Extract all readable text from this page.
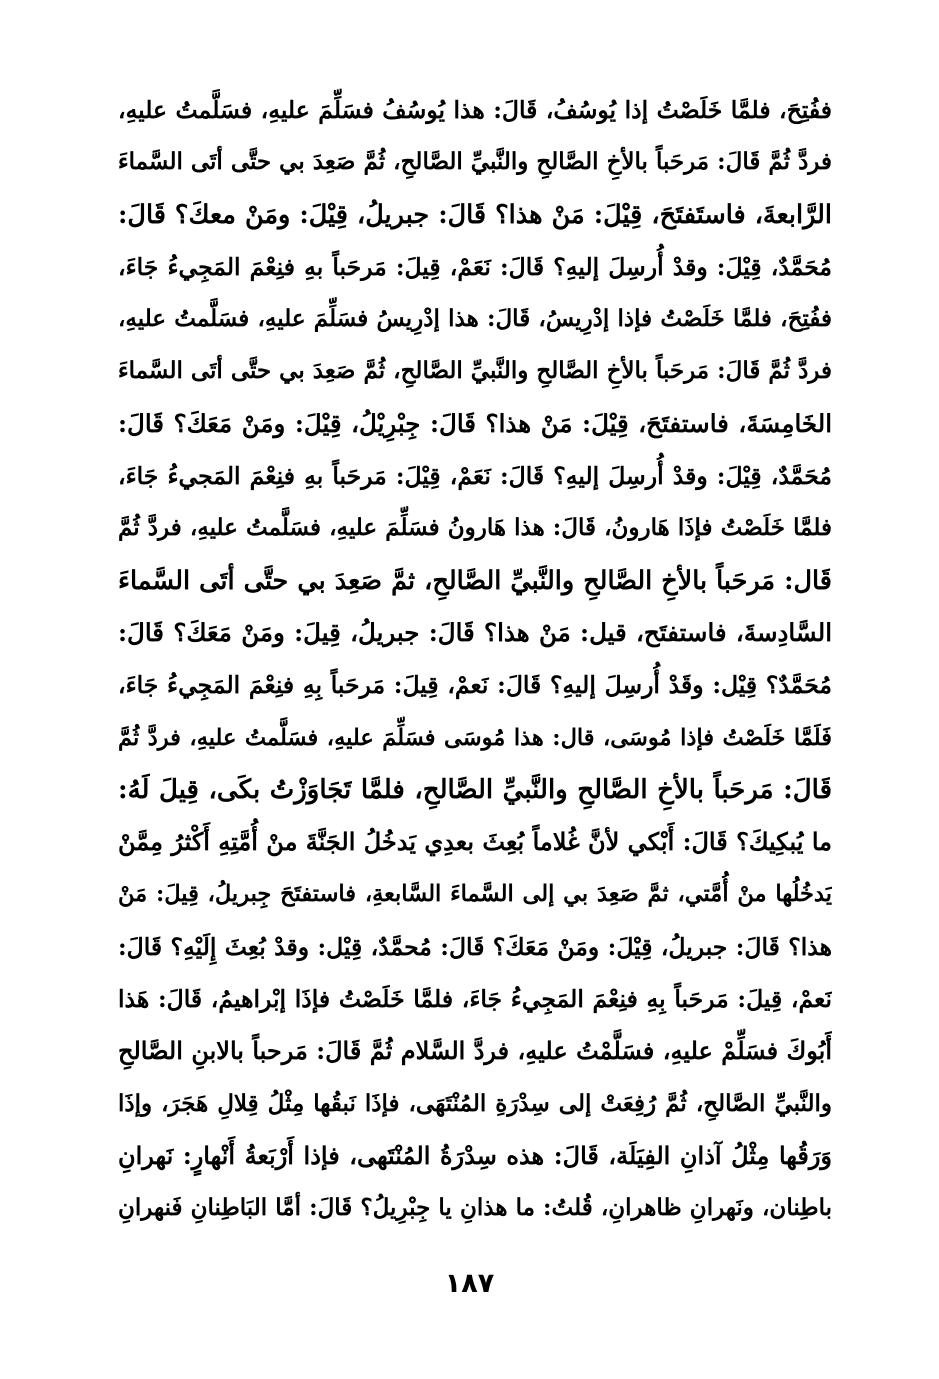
ففُتِحَ، فلمَّا خَلَصْتُ إذا يُوسُفُ، قَالَ: هذا يُوسُفُ فسَلِّمَ عليهِ، فسَلَّمتُ عليهِ،
فردَّ ثُمَّ قَالَ: مَرحَباً بالأخِ الصَّالحِ والنَّبيِّ الصَّالحِ، ثُمَّ صَعِدَ بي حتَّى أتَى السَّماءَ
الرَّابعةَ، فاستَفتَحَ، قِيْلَ: مَنْ هذا؟ قَالَ: جبريلُ، قِيْلَ: ومَنْ معكَ؟ قَالَ:
مُحَمَّدٌ، قِيْلَ: وقدْ أُرسِلَ إليهِ؟ قَالَ: نَعَمْ، قِيلَ: مَرحَباً بهِ فنِعْمَ المَجِيءُ جَاءَ،
ففُتِحَ، فلمَّا خَلَصْتُ فإذا إدْرِيسُ، قَالَ: هذا إدْرِيسُ فسَلِّمَ عليهِ، فسَلَّمتُ عليهِ،
فردَّ ثُمَّ قَالَ: مَرحَباً بالأخِ الصَّالحِ والنَّبيِّ الصَّالحِ، ثُمَّ صَعِدَ بي حتَّى أتَى السَّماءَ
الخَامِسَةَ، فاستفتَحَ، قِيْلَ: مَنْ هذا؟ قَالَ: جِبْرِيْلُ، قِيْلَ: ومَنْ مَعَكَ؟ قَالَ:
مُحَمَّدٌ، قِيْلَ: وقدْ أُرسِلَ إليهِ؟ قَالَ: نَعَمْ، قِيْلَ: مَرحَباً بهِ فنِعْمَ المَجيءُ جَاءَ،
فلمَّا خَلَصْتُ فإذَا هَارونُ، قَالَ: هذا هَارونُ فسَلِّمَ عليهِ، فسَلَّمتُ عليهِ، فردَّ ثُمَّ
قَال: مَرحَباً بالأخِ الصَّالحِ والنَّبيِّ الصَّالحِ، ثمَّ صَعِدَ بي حتَّى أتَى السَّماءَ
السَّادِسةَ، فاستفتَح، قيل: مَنْ هذا؟ قَالَ: جبريلُ، قِيلَ: ومَنْ مَعَكَ؟ قَالَ:
مُحَمَّدٌ؟ قِيْل: وقَدْ أُرسِلَ إليهِ؟ قَالَ: نَعمْ، قِيلَ: مَرحَباً بِهِ فنِعْمَ المَجِيءُ جَاءَ،
فَلَمَّا خَلَصْتُ فإذا مُوسَى، قال: هذا مُوسَى فسَلِّمَ عليهِ، فسَلَّمتُ عليهِ، فردَّ ثُمَّ
قَالَ: مَرحَباً بالأخِ الصَّالحِ والنَّبيِّ الصَّالحِ، فلمَّا تَجَاوَزْتُ بكَى، قِيلَ لَهُ:
ما يُبكِيكَ؟ قَالَ: أَبْكي لأنَّ غُلاماً بُعِثَ بعدِي يَدخُلُ الجَنَّةَ منْ أُمَّتِهِ أَكْثرُ مِمَّنْ
يَدخُلُها منْ أُمَّتي، ثمَّ صَعِدَ بي إلى السَّماءَ السَّابعةِ، فاستفتَحَ جِبريلُ، قِيلَ: مَنْ
هذا؟ قَالَ: جبريلُ، قِيْلَ: ومَنْ مَعَكَ؟ قَالَ: مُحمَّدٌ، قِيْل: وقدْ بُعِثَ إِلَيْهِ؟ قَالَ:
نَعمْ، قِيلَ: مَرحَباً بِهِ فنِعْمَ المَجِيءُ جَاءَ، فلمَّا خَلَصْتُ فإذَا إبْراهيمُ، قَالَ: هَذا
أَبُوكَ فسَلِّمْ عليهِ، فسَلَّمْتُ عليهِ، فردَّ السَّلام ثُمَّ قَالَ: مَرحباً بالابنِ الصَّالحِ
والنَّبيِّ الصَّالحِ، ثُمَّ رُفِعَتْ إلى سِدْرَةِ المُنْتَهَى، فإذَا نَبقُها مِثْلُ قِلالِ هَجَرَ، وإذَا
وَرَقُها مِثْلُ آذانِ الفِيَلَة، قَالَ: هذه سِدْرَةُ المُنْتَهى، فإذا أَرْبَعةُ أَنْهارٍ: نَهرانِ
باطِنان، ونَهرانِ ظاهرانِ، قُلتُ: ما هذانِ يا جِبْرِيلُ؟ قَالَ: أمَّا البَاطِنانِ فَنهرانِ
١٨٧
